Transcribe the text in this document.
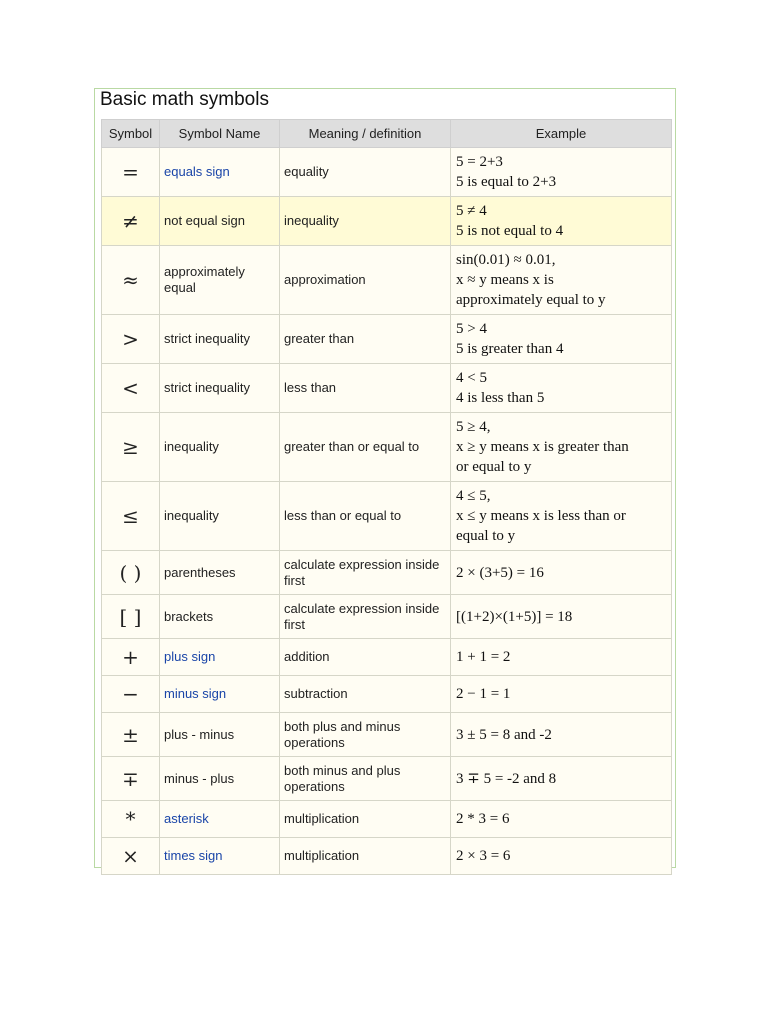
Basic math symbols
Symbol	Symbol Name	Meaning / definition	Example
=	equals sign	equality	5 = 2+3
5 is equal to 2+3

≠	not equal sign	inequality	5 ≠ 4
5 is not equal to 4

≈	approximately equal	approximation	sin(0.01) ≈ 0.01,
x ≈ y means x is
approximately equal to y

>	strict inequality	greater than	5 > 4
5 is greater than 4

<	strict inequality	less than	4 < 5
4 is less than 5

≥	inequality	greater than or equal to	5 ≥ 4,
x ≥ y means x is greater than
or equal to y

≤	inequality	less than or equal to	4 ≤ 5,
x ≤ y means x is less than or
equal to y

( )	parentheses	calculate expression inside first	2 × (3+5) = 16

[ ]	brackets	calculate expression inside first	[(1+2)×(1+5)] = 18

+	plus sign	addition	1 + 1 = 2

−	minus sign	subtraction	2 − 1 = 1

±	plus - minus	both plus and minus operations	3 ± 5 = 8 and -2

∓	minus - plus	both minus and plus operations	3 ∓ 5 = -2 and 8

*	asterisk	multiplication	2 * 3 = 6

×	times sign	multiplication	2 × 3 = 6
